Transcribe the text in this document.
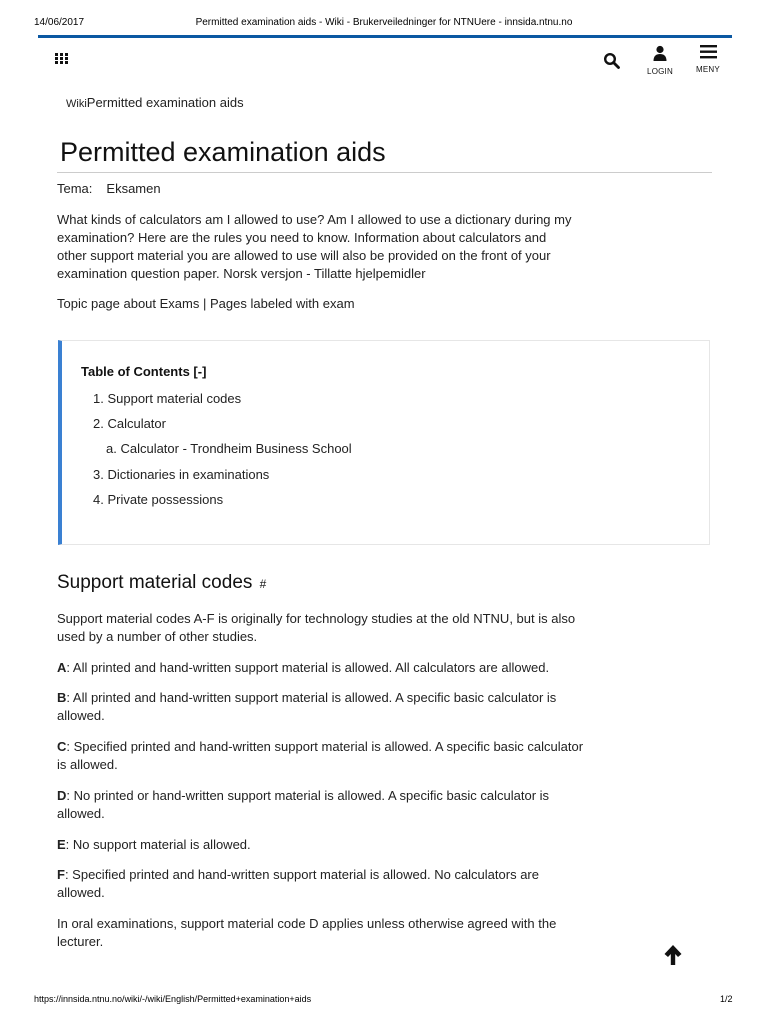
14/06/2017	Permitted examination aids - Wiki - Brukerveiledninger for NTNUere - innsida.ntnu.no
LOGIN	MENY
WikiPermitted examination aids
Permitted examination aids
Tema: Eksamen

What kinds of calculators am I allowed to use? Am I allowed to use a dictionary during my
examination? Here are the rules you need to know. Information about calculators and
other support material you are allowed to use will also be provided on the front of your
examination question paper. Norsk versjon - Tillatte hjelpemidler

Topic page about Exams | Pages labeled with exam
Table of Contents [-]
1. Support material codes
2. Calculator
a. Calculator - Trondheim Business School
3. Dictionaries in examinations
4. Private possessions
Support material codes #

Support material codes A-F is originally for technology studies at the old NTNU, but is also
used by a number of other studies.

A: All printed and hand-written support material is allowed. All calculators are allowed.

B: All printed and hand-written support material is allowed. A specific basic calculator is
allowed.

C: Specified printed and hand-written support material is allowed. A specific basic calculator
is allowed.

D: No printed or hand-written support material is allowed. A specific basic calculator is
allowed.

E: No support material is allowed.

F: Specified printed and hand-written support material is allowed. No calculators are
allowed.

In oral examinations, support material code D applies unless otherwise agreed with the
lecturer.

https://innsida.ntnu.no/wiki/-/wiki/English/Permitted+examination+aids	1/2
